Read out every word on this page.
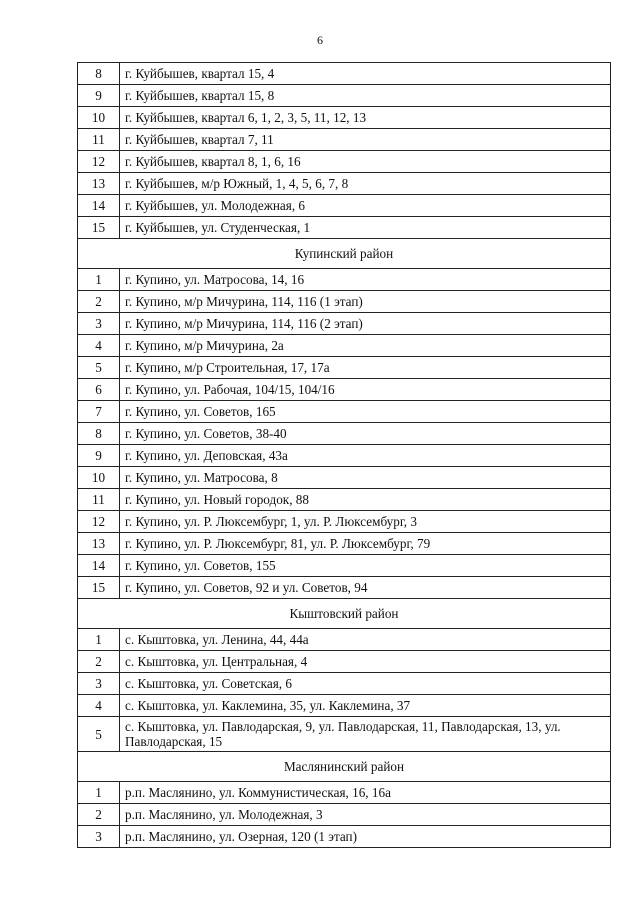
6
8	г. Куйбышев, квартал 15, 4
9	г. Куйбышев, квартал 15, 8
10	г. Куйбышев, квартал 6, 1, 2, 3, 5, 11, 12, 13
11	г. Куйбышев, квартал 7, 11
12	г. Куйбышев, квартал 8, 1, 6, 16
13	г. Куйбышев, м/р Южный, 1, 4, 5, 6, 7, 8
14	г. Куйбышев, ул. Молодежная, 6
15	г. Куйбышев, ул. Студенческая, 1
Купинский район	
1	г. Купино, ул. Матросова, 14, 16
2	г. Купино, м/р Мичурина, 114, 116 (1 этап)
3	г. Купино, м/р Мичурина, 114, 116 (2 этап)
4	г. Купино, м/р Мичурина, 2а
5	г. Купино, м/р Строительная, 17, 17а
6	г. Купино, ул. Рабочая, 104/15, 104/16
7	г. Купино, ул. Советов, 165
8	г. Купино, ул. Советов, 38-40
9	г. Купино, ул. Деповская, 43а
10	г. Купино, ул. Матросова, 8
11	г. Купино, ул. Новый городок, 88
12	г. Купино, ул. Р. Люксембург, 1, ул. Р. Люксембург, 3
13	г. Купино, ул. Р. Люксембург, 81, ул. Р. Люксембург, 79
14	г. Купино, ул. Советов, 155
15	г. Купино, ул. Советов, 92 и ул. Советов, 94
Кыштовский район	
1	с. Кыштовка, ул. Ленина, 44, 44а
2	с. Кыштовка, ул. Центральная, 4
3	с. Кыштовка, ул. Советская, 6
4	с. Кыштовка, ул. Каклемина, 35, ул. Каклемина, 37
5	с. Кыштовка, ул. Павлодарская, 9, ул. Павлодарская, 11, Павлодарская, 13, ул. Павлодарская, 15
Маслянинский район	
1	р.п. Маслянино, ул. Коммунистическая, 16, 16а
2	р.п. Маслянино, ул. Молодежная, 3
3	р.п. Маслянино, ул. Озерная, 120 (1 этап)
